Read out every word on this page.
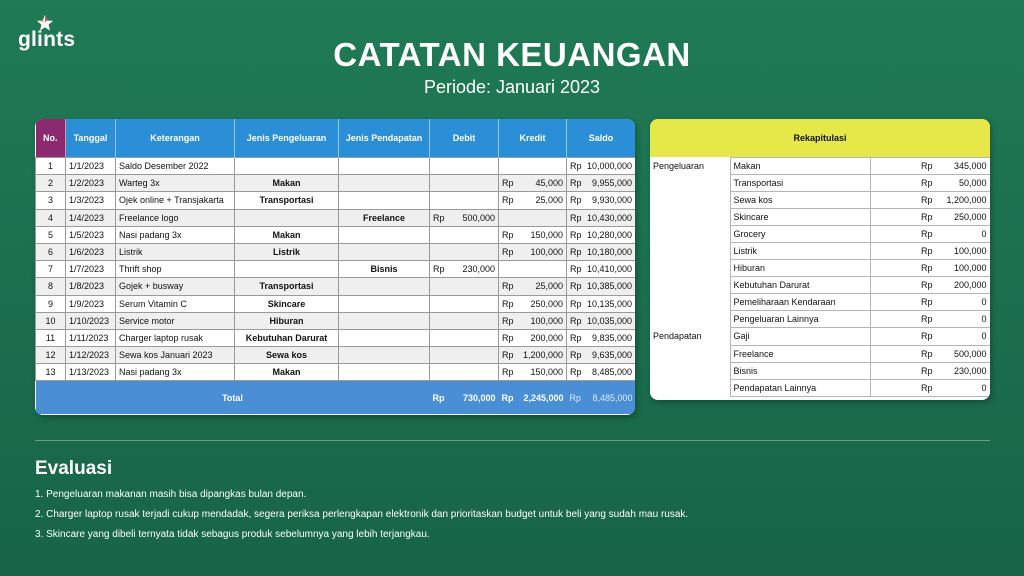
glints	CATATAN KEUANGAN
Periode: Januari 2023
No.	Tanggal	Keterangan	Jenis Pengeluaran	Jenis Pendapatan	Debit	Kredit	Saldo
1	1/1/2023	Saldo Desember 2022					Rp 10,000,000

2	1/2/2023	Warteg 3x	Makan			Rp 45,000	Rp 9,955,000

3	1/3/2023	Ojek online + Transjakarta	Transportasi			Rp 25,000	Rp 9,930,000

4	1/4/2023	Freelance logo		Freelance	Rp 500,000		Rp 10,430,000

5	1/5/2023	Nasi padang 3x	Makan			Rp 150,000	Rp 10,280,000

6	1/6/2023	Listrik	Listrik			Rp 100,000	Rp 10,180,000

7	1/7/2023	Thrift shop		Bisnis	Rp 230,000		Rp 10,410,000

8	1/8/2023	Gojek + busway	Transportasi			Rp 25,000	Rp 10,385,000

9	1/9/2023	Serum Vitamin C	Skincare			Rp 250,000	Rp 10,135,000

10	1/10/2023	Service motor	Hiburan			Rp 100,000	Rp 10,035,000

11	1/11/2023	Charger laptop rusak	Kebutuhan Darurat			Rp 200,000	Rp 9,835,000

12	1/12/2023	Sewa kos Januari 2023	Sewa kos			Rp 1,200,000	Rp 9,635,000

13	1/13/2023	Nasi padang 3x	Makan			Rp 150,000	Rp 8,485,000

Total					Rp 730,000	Rp 2,245,000	Rp 8,485,000
Rekapitulasi
Pengeluaran	Makan	Rp 345,000

	Transportasi	Rp 50,000

	Sewa kos	Rp 1,200,000

	Skincare	Rp 250,000

	Grocery	Rp 0

	Listrik	Rp 100,000

	Hiburan	Rp 100,000

	Kebutuhan Darurat	Rp 200,000

	Pemeliharaan Kendaraan	Rp 0

	Pengeluaran Lainnya	Rp 0

Pendapatan	Gaji	Rp 0

	Freelance	Rp 500,000

	Bisnis	Rp 230,000

	Pendapatan Lainnya	Rp 0
Evaluasi
1. Pengeluaran makanan masih bisa dipangkas bulan depan.
2. Charger laptop rusak terjadi cukup mendadak, segera periksa perlengkapan elektronik dan prioritaskan budget untuk beli yang sudah mau rusak.
3. Skincare yang dibeli ternyata tidak sebagus produk sebelumnya yang lebih terjangkau.
